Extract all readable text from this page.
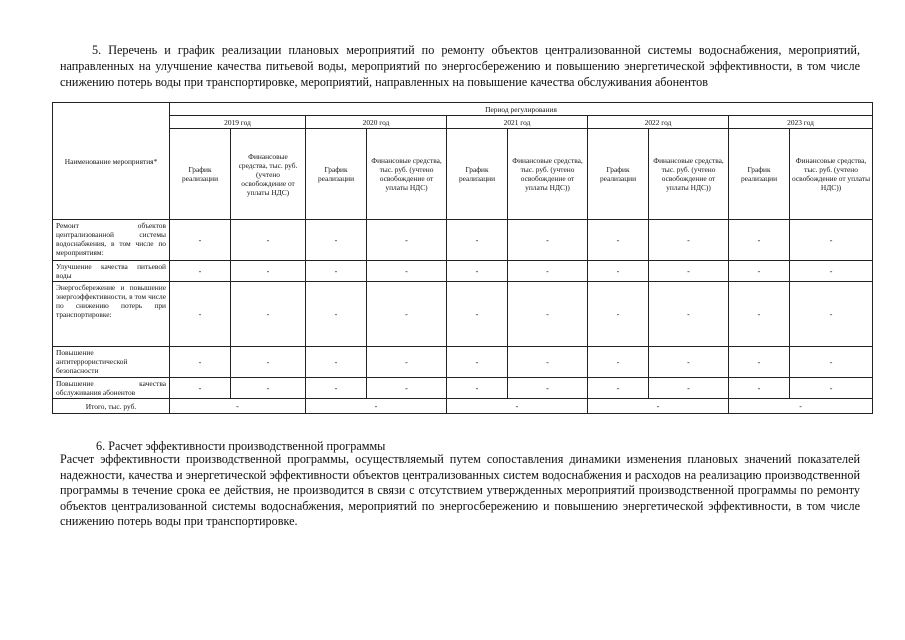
5. Перечень и график реализации плановых мероприятий по ремонту объектов централизованной системы водоснабжения, мероприятий, направленных на улучшение качества питьевой воды, мероприятий по энергосбережению и повышению энергетической эффективности, в том числе снижению потерь воды при транспортировке, мероприятий, направленных на повышение качества обслуживания абонентов
Наименование мероприятия*	Период регулирования									
	2019 год		2020 год		2021 год		2022 год		2023 год	
	График реализации	Финансовые средства, тыс. руб. (учтено освобождение от уплаты НДС)	График реализации	Финансовые средства, тыс. руб. (учтено освобождение от уплаты НДС)	График реализации	Финансовые средства, тыс. руб. (учтено освобождение от уплаты НДС))	График реализации	Финансовые средства, тыс. руб. (учтено освобождение от уплаты НДС))	График реализации	Финансовые средства, тыс. руб. (учтено освобождение от уплаты НДС))
Ремонт объектов централизованной системы водоснабжения, в том числе по мероприятиям:	-	-	-	-	-	-	-	-	-	-
Улучшение качества питьевой воды	-	-	-	-	-	-	-	-	-	-
Энергосбережение и повышение энергоэффективности, в том числе по снижению потерь при транспортировке:	-	-	-	-	-	-	-	-	-	-
Повышение антитеррористической безопасности	-	-	-	-	-	-	-	-	-	-
Повышение качества обслуживания абонентов	-	-	-	-	-	-	-	-	-	-
Итого, тыс. руб.	-		-		-		-		-	
6. Расчет эффективности производственной программы
Расчет эффективности производственной программы, осуществляемый путем сопоставления динамики изменения плановых значений показателей надежности, качества и энергетической эффективности объектов централизованных систем водоснабжения и расходов на реализацию производственной программы в течение срока ее действия, не производится в связи с отсутствием утвержденных мероприятий производственной программы по ремонту объектов централизованной системы водоснабжения, мероприятий по энергосбережению и повышению энергетической эффективности, в том числе снижению потерь воды при транспортировке.
